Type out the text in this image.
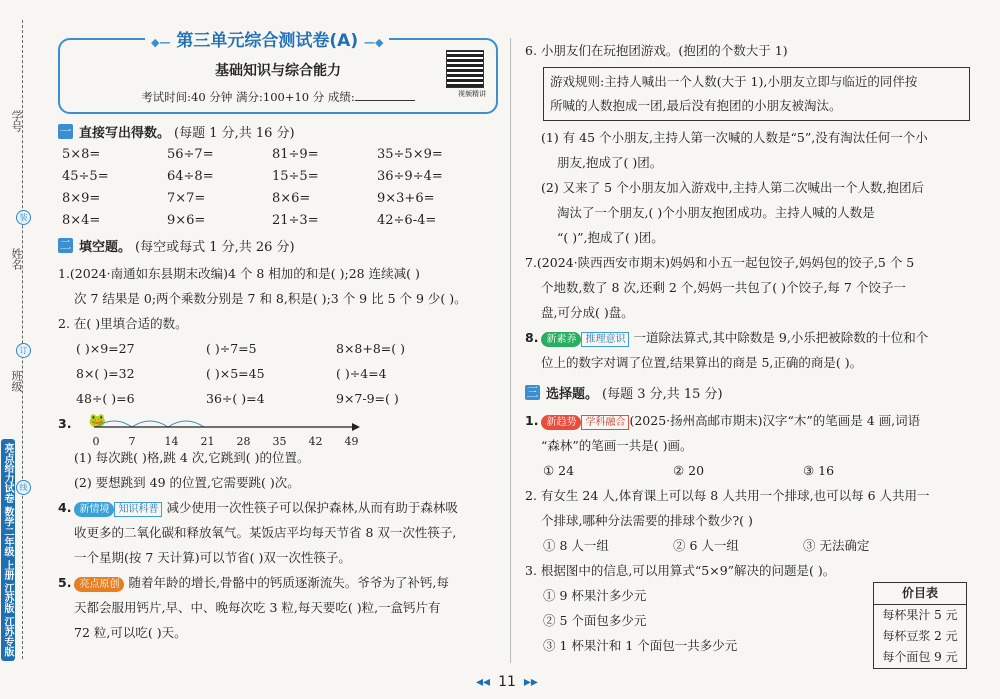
学号
姓名
班级
装
订
线
亮点给力试卷 数学二年级 上册 江苏版 江苏专版
◆— 第三单元综合测试卷(A) —◆
基础知识与综合能力
考试时间:40 分钟 满分:100+10 分 成绩:	视频精讲
一 直接写出得数。 (每题 1 分,共 16 分)
5×8=	56÷7=	81÷9=	35÷5×9=
45÷5=	64÷8=	15÷5=	36÷9÷4=
8×9=	7×7=	8×6=	9×3+6=
8×4=	9×6=	21÷3=	42÷6-4=
二 填空题。 (每空或每式 1 分,共 26 分)
1.(2024·南通如东县期末改编)4 个 8 相加的和是( );28 连续减( )
次 7 结果是 0;两个乘数分别是 7 和 8,积是( );3 个 9 比 5 个 9 少( )。
2. 在( )里填合适的数。
( )×9=27	( )÷7=5	8×8+8=( )
8×( )=32	( )×5=45	( )÷4=4
48÷( )=6	36÷( )=4	9×7-9=( )
3. 🐸
0	7	14 21 28 35 42 49
(1) 每次跳( )格,跳 4 次,它跳到( )的位置。
(2) 要想跳到 49 的位置,它需要跳( )次。
4. 新情境 知识科普 减少使用一次性筷子可以保护森林,从而有助于森林吸
收更多的二氧化碳和释放氧气。某饭店平均每天节省 8 双一次性筷子,
一个星期(按 7 天计算)可以节省( )双一次性筷子。
5. 亮点原创 随着年龄的增长,骨骼中的钙质逐渐流失。爷爷为了补钙,每
天都会服用钙片,早、中、晚每次吃 3 粒,每天要吃( )粒,一盒钙片有
72 粒,可以吃( )天。
6. 小朋友们在玩抱团游戏。(抱团的个数大于 1)
游戏规则:主持人喊出一个人数(大于 1),小朋友立即与临近的同伴按
所喊的人数抱成一团,最后没有抱团的小朋友被淘汰。
(1) 有 45 个小朋友,主持人第一次喊的人数是“5”,没有淘汰任何一个小
朋友,抱成了( )团。
(2) 又来了 5 个小朋友加入游戏中,主持人第二次喊出一个人数,抱团后
淘汰了一个朋友,( )个小朋友抱团成功。主持人喊的人数是
“( )”,抱成了( )团。
7.(2024·陕西西安市期末)妈妈和小五一起包饺子,妈妈包的饺子,5 个 5
个地数,数了 8 次,还剩 2 个,妈妈一共包了( )个饺子,每 7 个饺子一
盘,可分成( )盘。
8. 新素养 推理意识 一道除法算式,其中除数是 9,小乐把被除数的十位和个
位上的数字对调了位置,结果算出的商是 5,正确的商是( )。
三 选择题。 (每题 3 分,共 15 分)
1. 新趋势 学科融合 (2025·扬州高邮市期末)汉字“木”的笔画是 4 画,词语
“森林”的笔画一共是( )画。
① 24	② 20	③ 16
2. 有女生 24 人,体育课上可以每 8 人共用一个排球,也可以每 6 人共用一
个排球,哪种分法需要的排球个数少?( )
① 8 人一组	② 6 人一组	③ 无法确定
3. 根据图中的信息,可以用算式“5×9”解决的问题是( )。
① 9 杯果汁多少元
② 5 个面包多少元
③ 1 杯果汁和 1 个面包一共多少元
价目表
每杯果汁 5 元
每杯豆浆 2 元
每个面包 9 元
◂◂ 11 ▸▸
